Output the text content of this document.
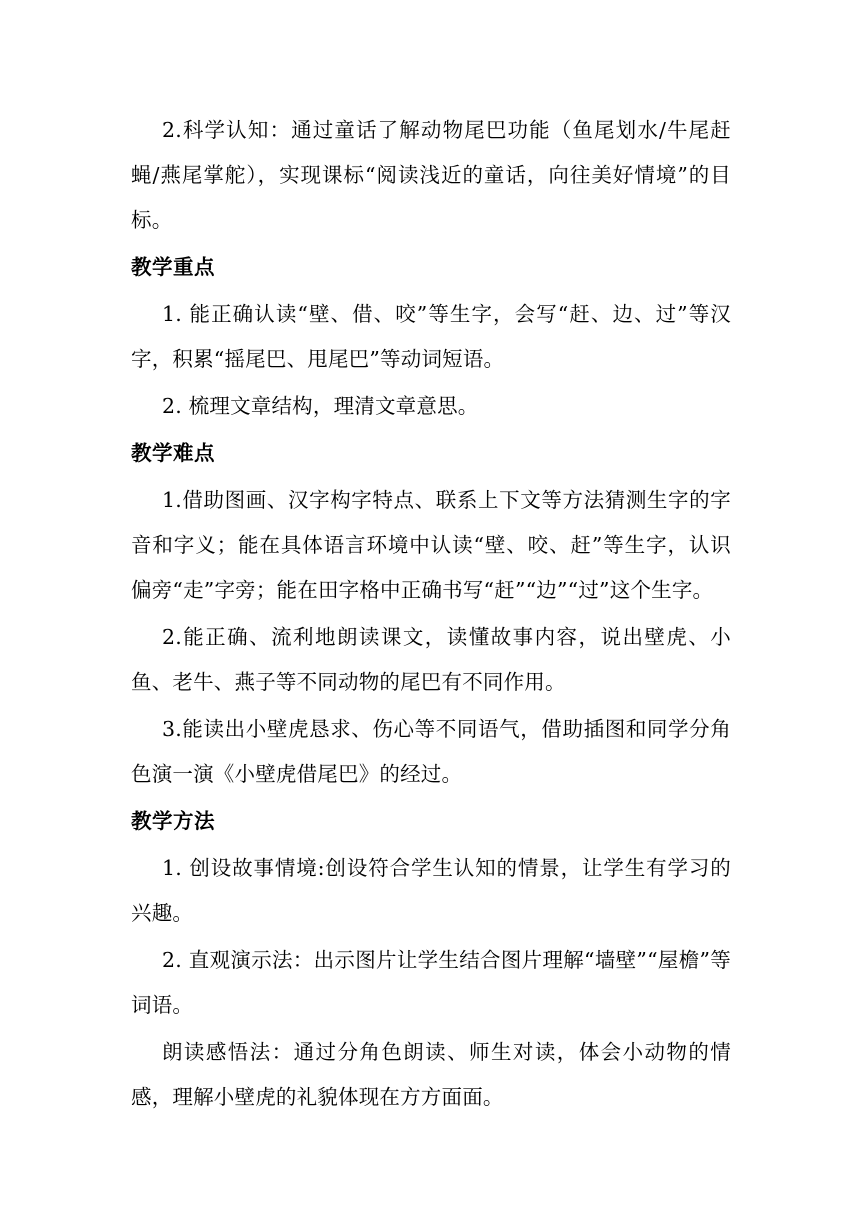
2.科学认知：通过童话了解动物尾巴功能（鱼尾划水/牛尾赶蝇/燕尾掌舵），实现课标“阅读浅近的童话，向往美好情境”的目标。

教学重点

1. 能正确认读“壁、借、咬”等生字，会写“赶、边、过”等汉字，积累“摇尾巴、甩尾巴”等动词短语。

2. 梳理文章结构，理清文章意思。

教学难点

1.借助图画、汉字构字特点、联系上下文等方法猜测生字的字音和字义；能在具体语言环境中认读“壁、咬、赶”等生字，认识偏旁“走”字旁；能在田字格中正确书写“赶”“边”“过”这个生字。

2.能正确、流利地朗读课文，读懂故事内容，说出壁虎、小鱼、老牛、燕子等不同动物的尾巴有不同作用。

3.能读出小壁虎恳求、伤心等不同语气，借助插图和同学分角色演一演《小壁虎借尾巴》的经过。

教学方法

1. 创设故事情境:创设符合学生认知的情景，让学生有学习的兴趣。

2. 直观演示法：出示图片让学生结合图片理解“墙壁”“屋檐”等词语。

朗读感悟法：通过分角色朗读、师生对读，体会小动物的情感，理解小壁虎的礼貌体现在方方面面。
